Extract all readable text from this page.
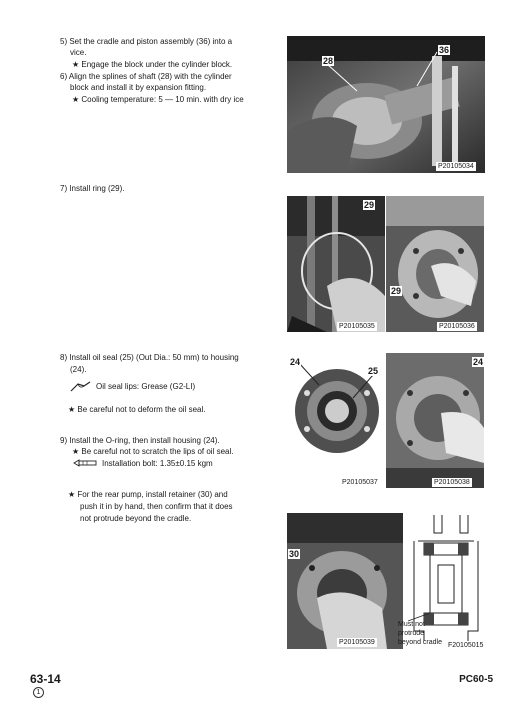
5) Set the cradle and piston assembly (36) into a
vice.
★ Engage the block under the cylinder block.
6) Align the splines of shaft (28) with the cylinder
block and install it by expansion fitting.
★ Cooling temperature: 5 — 10 min. with dry ice
7) Install ring (29).
8) Install oil seal (25) (Out Dia.: 50 mm) to housing
(24).
Oil seal lips: Grease (G2-LI)
★ Be careful not to deform the oil seal.
9) Install the O-ring, then install housing (24).
★ Be careful not to scratch the lips of oil seal.
Installation bolt: 1.35±0.15 kgm
★ For the rear pump, install retainer (30) and
push it in by hand, then confirm that it does
not protrude beyond the cradle.
28
36
P20105034
29
P20105035
29
P20105036
24
25
P20105037
24
P20105038
30
P20105039
Must not
protrude
beyond cradle F20105015
63-14
1
PC60-5
